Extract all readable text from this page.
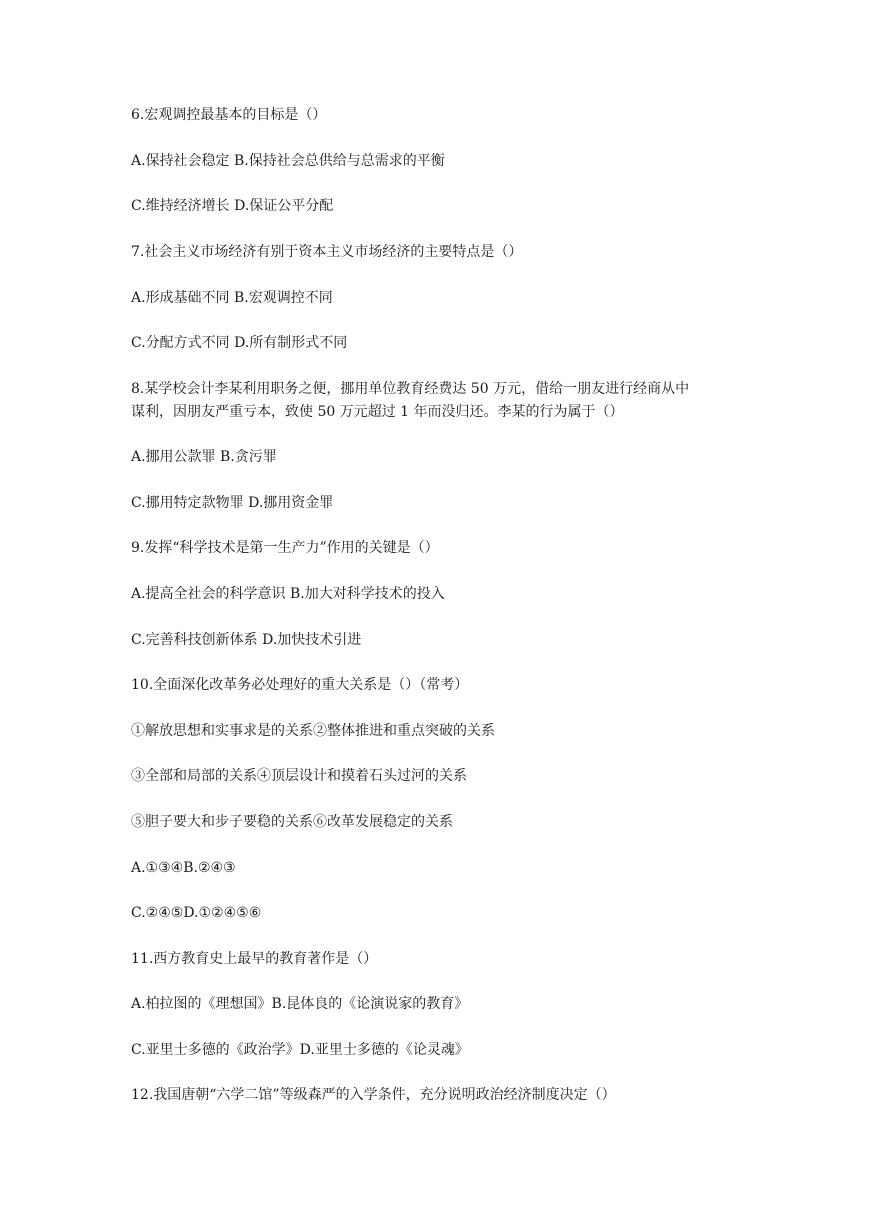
6.宏观调控最基本的目标是（）

A.保持社会稳定 B.保持社会总供给与总需求的平衡

C.维持经济增长 D.保证公平分配

7.社会主义市场经济有别于资本主义市场经济的主要特点是（）

A.形成基础不同 B.宏观调控不同

C.分配方式不同 D.所有制形式不同

8.某学校会计李某利用职务之便，挪用单位教育经费达 50 万元，借给一朋友进行经商从中

谋利，因朋友严重亏本，致使 50 万元超过 1 年而没归还。李某的行为属于（）

A.挪用公款罪 B.贪污罪

C.挪用特定款物罪 D.挪用资金罪

9.发挥“科学技术是第一生产力”作用的关键是（）

A.提高全社会的科学意识 B.加大对科学技术的投入

C.完善科技创新体系 D.加快技术引进

10.全面深化改革务必处理好的重大关系是（）（常考）

①解放思想和实事求是的关系②整体推进和重点突破的关系

③全部和局部的关系④顶层设计和摸着石头过河的关系

⑤胆子要大和步子要稳的关系⑥改革发展稳定的关系

A.①③④B.②④③

C.②④⑤D.①②④⑤⑥

11.西方教育史上最早的教育著作是（）

A.柏拉图的《理想国》B.昆体良的《论演说家的教育》

C.亚里士多德的《政治学》D.亚里士多德的《论灵魂》

12.我国唐朝“六学二馆”等级森严的入学条件，充分说明政治经济制度决定（）
